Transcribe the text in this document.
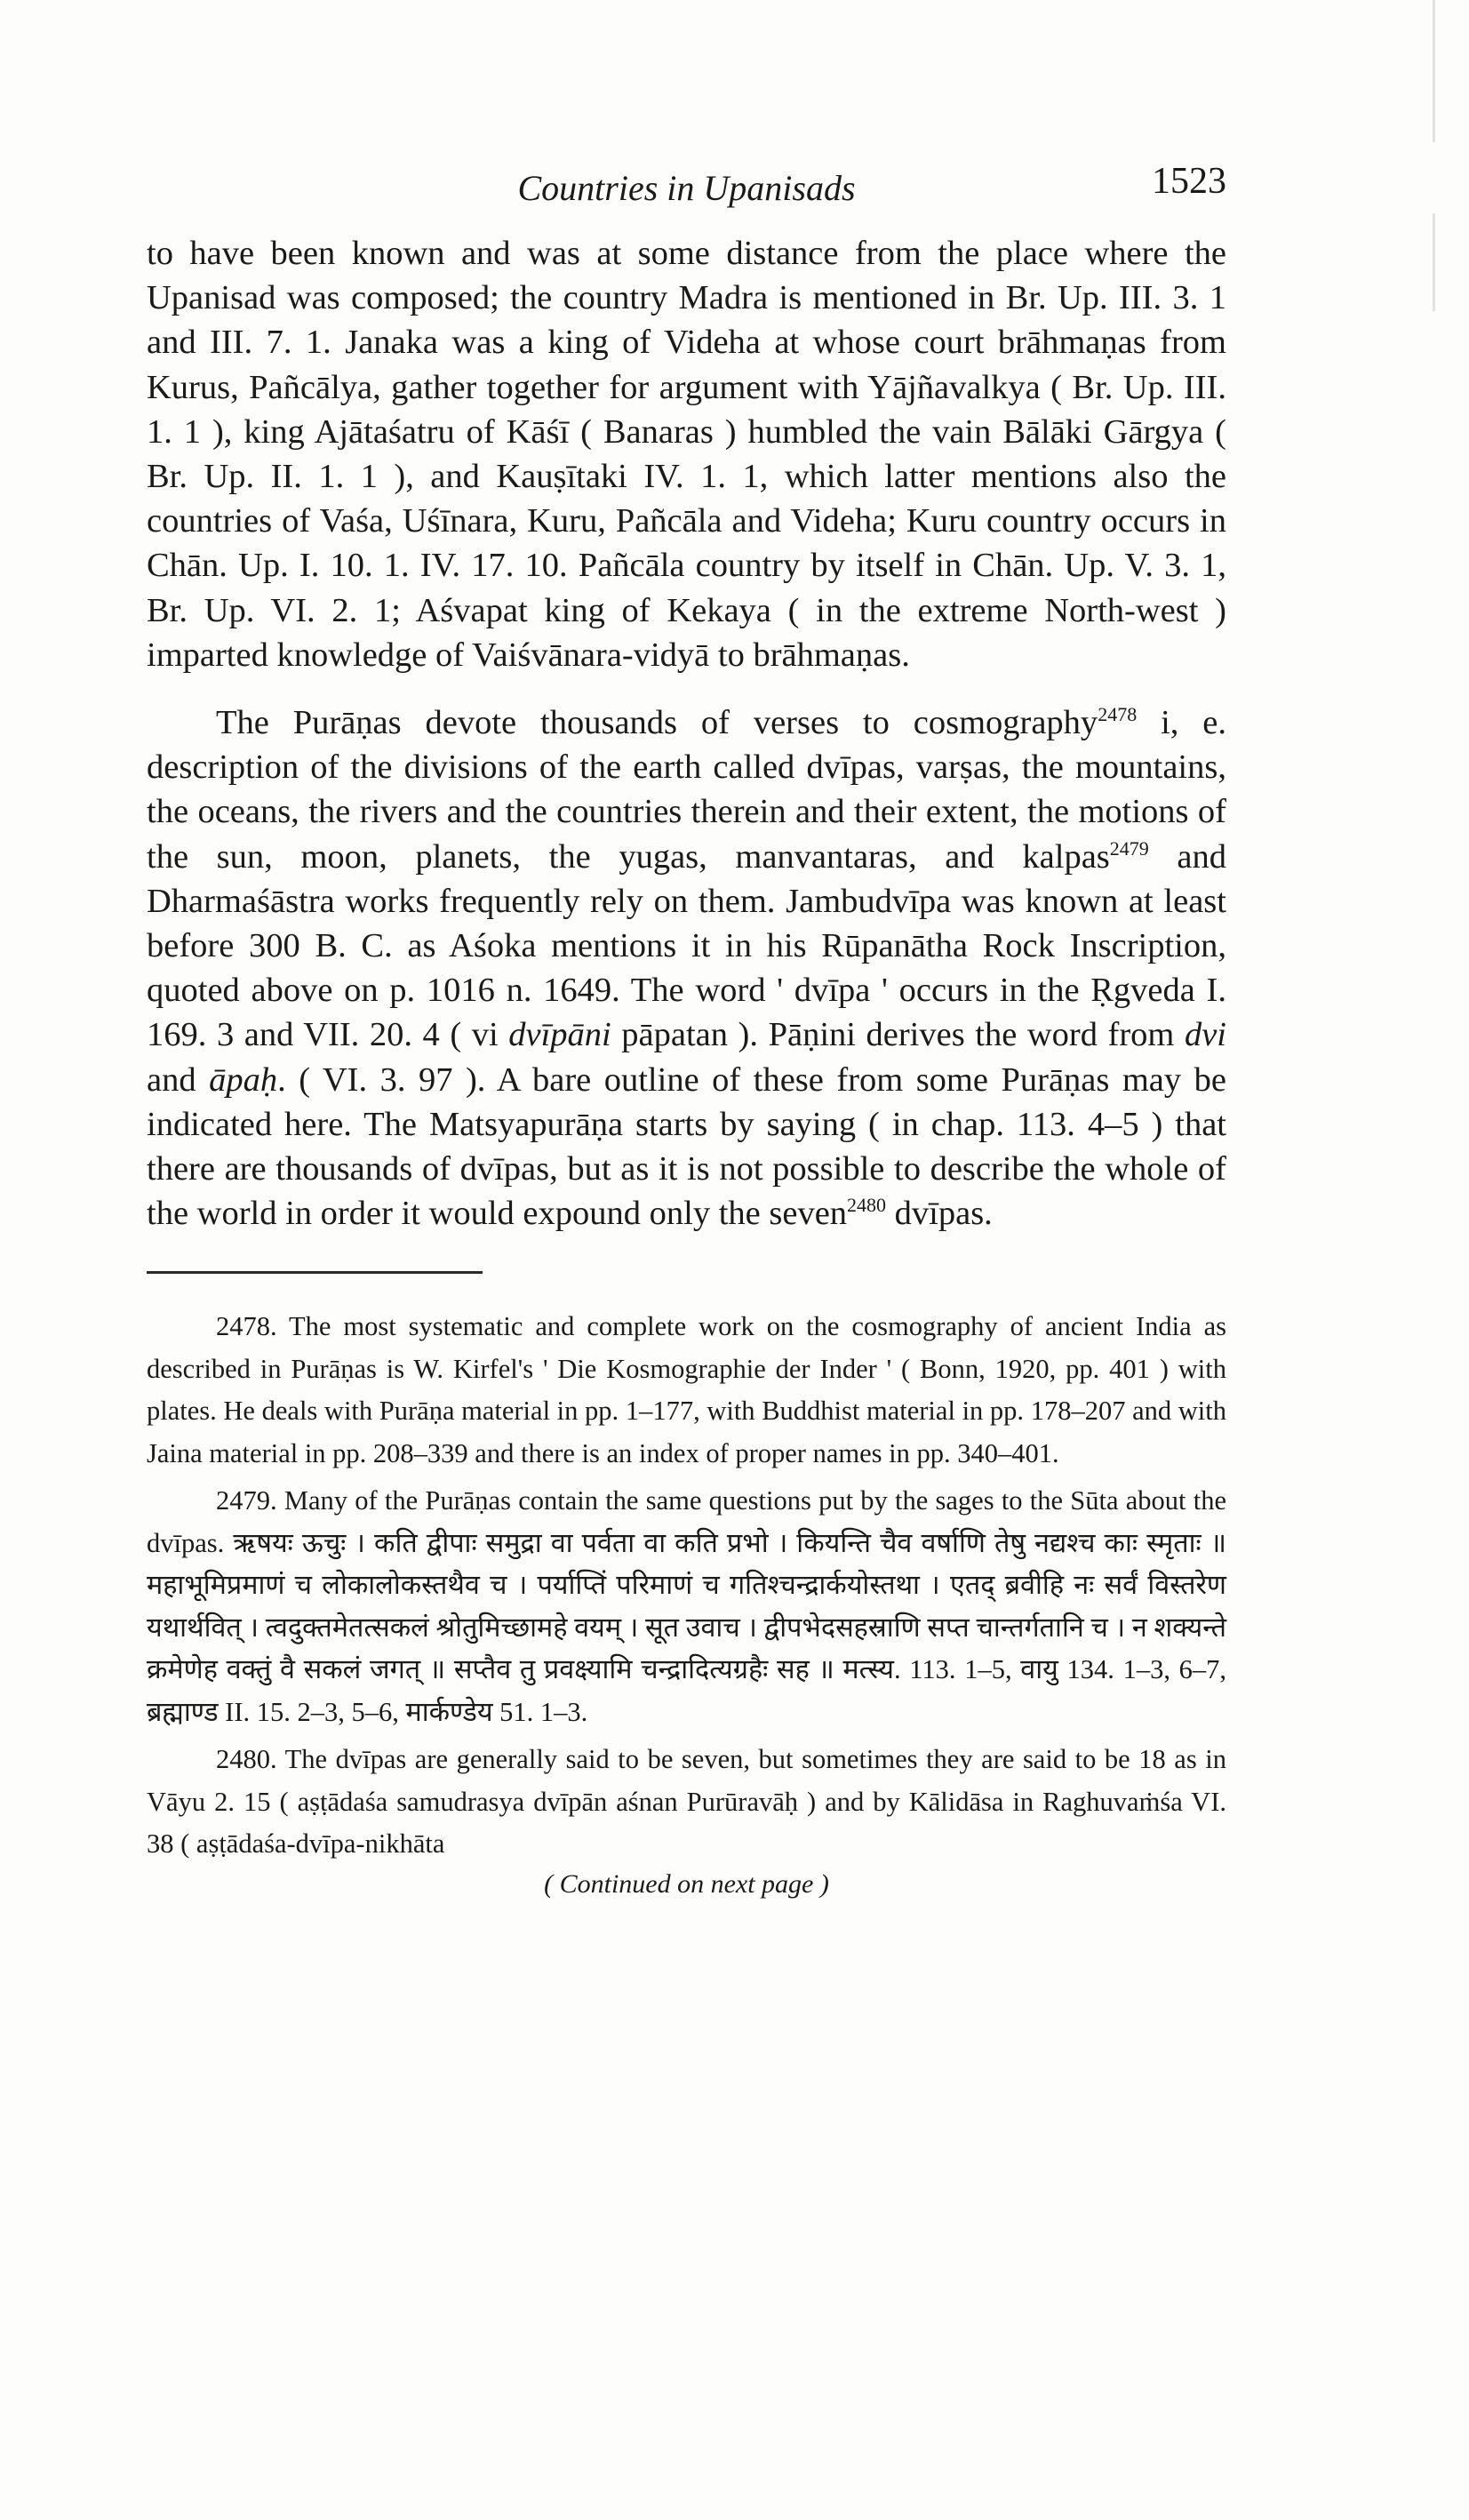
Countries in Upanisads	1523

to have been known and was at some distance from the place where the Upanisad was composed; the country Madra is mentioned in Br. Up. III. 3. 1 and III. 7. 1. Janaka was a king of Videha at whose court brāhmaṇas from Kurus, Pañcālya, gather together for argument with Yājñavalkya ( Br. Up. III. 1. 1 ), king Ajātaśatru of Kāśī ( Banaras ) humbled the vain Bālāki Gārgya ( Br. Up. II. 1. 1 ), and Kauṣītaki IV. 1. 1, which latter mentions also the countries of Vaśa, Uśīnara, Kuru, Pañcāla and Videha; Kuru country occurs in Chān. Up. I. 10. 1. IV. 17. 10. Pañcāla country by itself in Chān. Up. V. 3. 1, Br. Up. VI. 2. 1; Aśvapat king of Kekaya ( in the extreme North-west ) imparted knowledge of Vaiśvānara-vidyā to brāhmaṇas.

The Purāṇas devote thousands of verses to cosmography$^{2478}$ i, e. description of the divisions of the earth called dvīpas, varṣas, the mountains, the oceans, the rivers and the countries therein and their extent, the motions of the sun, moon, planets, the yugas, manvantaras, and kalpas$^{2479}$ and Dharmaśāstra works frequently rely on them. Jambudvīpa was known at least before 300 B. C. as Aśoka mentions it in his Rūpanātha Rock Inscription, quoted above on p. 1016 n. 1649. The word ' dvīpa ' occurs in the Ṛgveda I. 169. 3 and VII. 20. 4 ( vi dvīpāni pāpatan ). Pāṇini derives the word from dvi and āpaḥ. ( VI. 3. 97 ). A bare outline of these from some Purāṇas may be indicated here. The Matsyapurāṇa starts by saying ( in chap. 113. 4–5 ) that there are thousands of dvīpas, but as it is not possible to describe the whole of the world in order it would expound only the seven$^{2480}$ dvīpas.

2478. The most systematic and complete work on the cosmography of ancient India as described in Purāṇas is W. Kirfel's ' Die Kosmographie der Inder ' ( Bonn, 1920, pp. 401 ) with plates. He deals with Purāṇa material in pp. 1–177, with Buddhist material in pp. 178–207 and with Jaina material in pp. 208–339 and there is an index of proper names in pp. 340–401.

2479. Many of the Purāṇas contain the same questions put by the sages to the Sūta about the dvīpas. ऋषयः ऊचुः । कति द्वीपाः समुद्रा वा पर्वता वा कति प्रभो । कियन्ति चैव वर्षाणि तेषु नद्यश्च काः स्मृताः ॥ महाभूमिप्रमाणं च लोकालोकस्तथैव च । पर्याप्तिं परिमाणं च गतिश्चन्द्रार्कयोस्तथा । एतद् ब्रवीहि नः सर्वं विस्तरेण यथार्थवित् । त्वदुक्तमेतत्सकलं श्रोतुमिच्छामहे वयम् । सूत उवाच । द्वीपभेदसहस्राणि सप्त चान्तर्गतानि च । न शक्यन्ते क्रमेणेह वक्तुं वै सकलं जगत् ॥ सप्तैव तु प्रवक्ष्यामि चन्द्रादित्यग्रहैः सह ॥ मत्स्य. 113. 1–5, वायु 134. 1–3, 6–7, ब्रह्माण्ड II. 15. 2–3, 5–6, मार्कण्डेय 51. 1–3.

2480. The dvīpas are generally said to be seven, but sometimes they are said to be 18 as in Vāyu 2. 15 ( aṣṭādaśa samudrasya dvīpān aśnan Purūravāḥ ) and by Kālidāsa in Raghuvaṁśa VI. 38 ( aṣṭādaśa-dvīpa-nikhāta

( Continued on next page )
